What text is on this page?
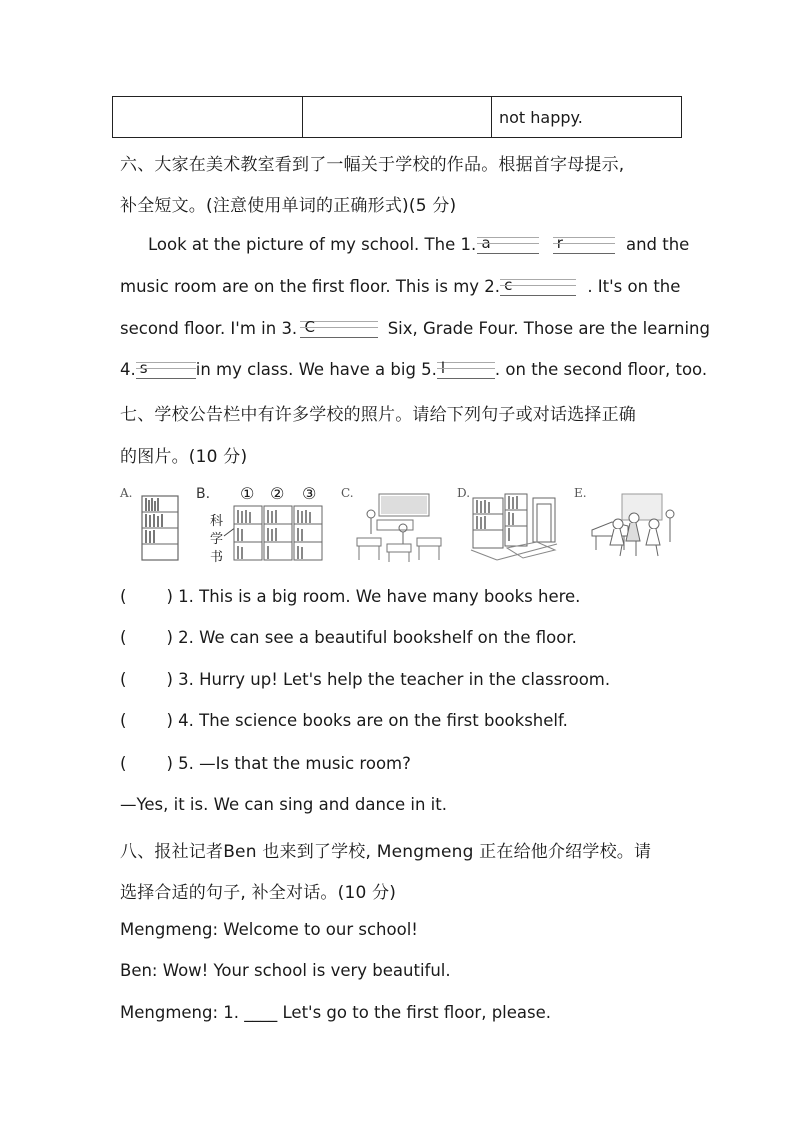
		not happy.
六、大家在美术教室看到了一幅关于学校的作品。根据首字母提示,
补全短文。(注意使用单词的正确形式)(5 分)
Look at the picture of my school. The 1. a
	r	and the
music room are on the first floor. This is my 2. c	. It's on the
second floor. I'm in 3. C	Six, Grade Four. Those are the learning
4. s	in my class. We have a big 5. l	. on the second floor, too.
七、学校公告栏中有许多学校的照片。请给下列句子或对话选择正确
的图片。(10 分)
A.	B. ① ② ③
科
学
书
C.	D.	E.
( ) 1. This is a big room. We have many books here.
( ) 2. We can see a beautiful bookshelf on the floor.
( ) 3. Hurry up! Let's help the teacher in the classroom.
( ) 4. The science books are on the first bookshelf.
( ) 5. —Is that the music room?
—Yes, it is. We can sing and dance in it.
八、报社记者Ben 也来到了学校, Mengmeng 正在给他介绍学校。请
选择合适的句子, 补全对话。(10 分)
Mengmeng: Welcome to our school!
Ben: Wow! Your school is very beautiful.
Mengmeng: 1. ____ Let's go to the first floor, please.
